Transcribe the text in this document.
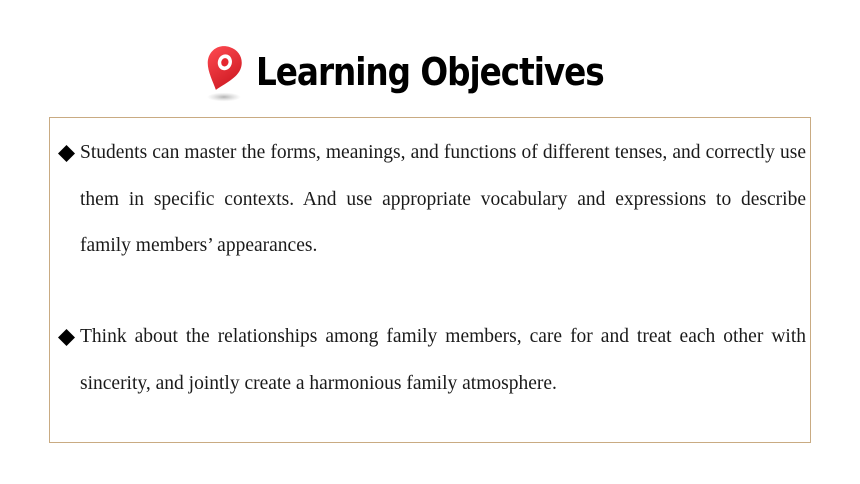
Learning Objectives

Students can master the forms, meanings, and functions of different tenses, and correctly use them in specific contexts. And use appropriate vocabulary and expressions to describe family members’ appearances.

Think about the relationships among family members, care for and treat each other with sincerity, and jointly create a harmonious family atmosphere.
